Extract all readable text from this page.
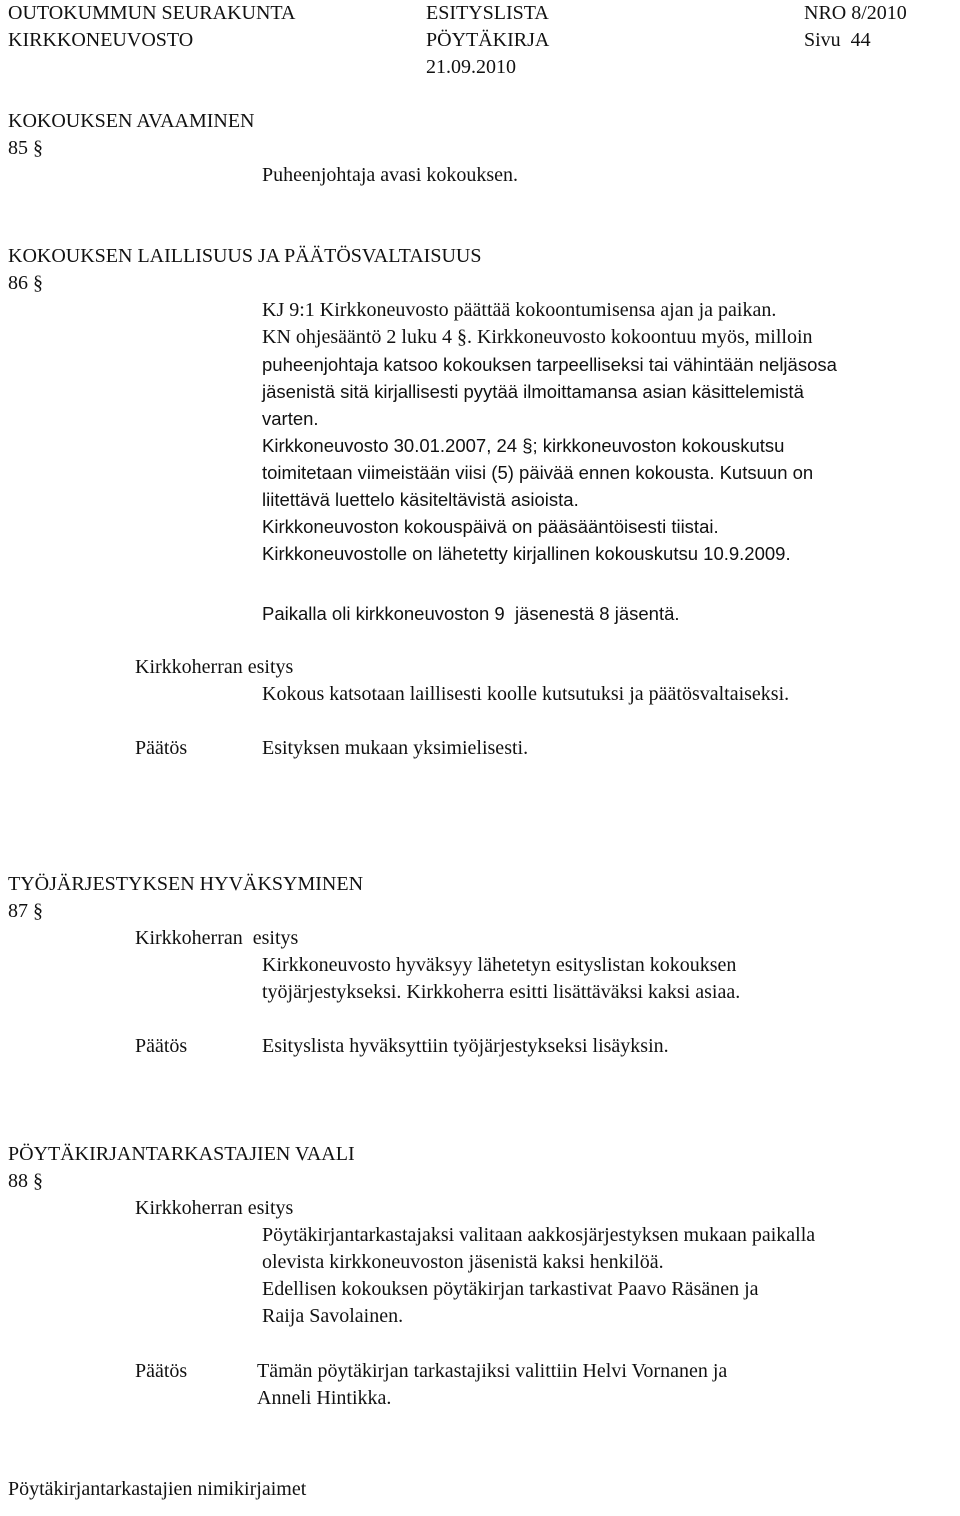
OUTOKUMMUN SEURAKUNTA	ESITYSLISTA	NRO 8/2010
KIRKKONEUVOSTO	PÖYTÄKIRJA	Sivu  44
21.09.2010
KOKOUKSEN AVAAMINEN
85 §
Puheenjohtaja avasi kokouksen.
KOKOUKSEN LAILLISUUS JA PÄÄTÖSVALTAISUUS
86 §
KJ 9:1 Kirkkoneuvosto päättää kokoontumisensa ajan ja paikan.
KN ohjesääntö 2 luku 4 §. Kirkkoneuvosto kokoontuu myös, milloin
puheenjohtaja katsoo kokouksen tarpeelliseksi tai vähintään neljäsosa
jäsenistä sitä kirjallisesti pyytää ilmoittamansa asian käsittelemistä
varten.
Kirkkoneuvosto 30.01.2007, 24 §; kirkkoneuvoston kokouskutsu
toimitetaan viimeistään viisi (5) päivää ennen kokousta. Kutsuun on
liitettävä luettelo käsiteltävistä asioista.
Kirkkoneuvoston kokouspäivä on pääsääntöisesti tiistai.
Kirkkoneuvostolle on lähetetty kirjallinen kokouskutsu 10.9.2009.
Paikalla oli kirkkoneuvoston 9  jäsenestä 8 jäsentä.
Kirkkoherran esitys
Kokous katsotaan laillisesti koolle kutsutuksi ja päätösvaltaiseksi.
Päätös	Esityksen mukaan yksimielisesti.
TYÖJÄRJESTYKSEN HYVÄKSYMINEN
87 §
Kirkkoherran  esitys
Kirkkoneuvosto hyväksyy lähetetyn esityslistan kokouksen
työjärjestykseksi. Kirkkoherra esitti lisättäväksi kaksi asiaa.
Päätös	Esityslista hyväksyttiin työjärjestykseksi lisäyksin.
PÖYTÄKIRJANTARKASTAJIEN VAALI
88 §
Kirkkoherran esitys
Pöytäkirjantarkastajaksi valitaan aakkosjärjestyksen mukaan paikalla
olevista kirkkoneuvoston jäsenistä kaksi henkilöä.
Edellisen kokouksen pöytäkirjan tarkastivat Paavo Räsänen ja
Raija Savolainen.
Päätös	Tämän pöytäkirjan tarkastajiksi valittiin Helvi Vornanen ja
Anneli Hintikka.
Pöytäkirjantarkastajien nimikirjaimet
